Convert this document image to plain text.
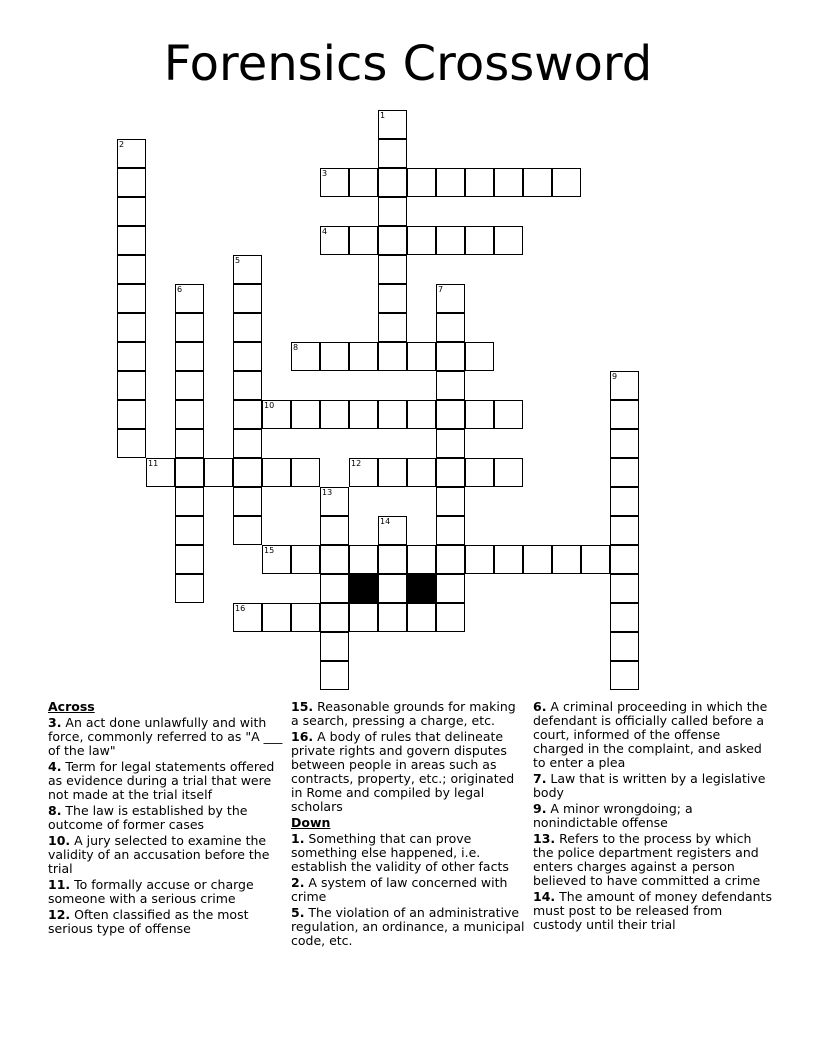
Forensics Crossword
1
2
3
4
5
6	7
8
9
10
11	12
13
14
15
16
Across
3. An act done unlawfully and with force, commonly referred to as "A ___ of the law"
4. Term for legal statements offered as evidence during a trial that were not made at the trial itself
8. The law is established by the outcome of former cases
10. A jury selected to examine the validity of an accusation before the trial
11. To formally accuse or charge someone with a serious crime
12. Often classified as the most serious type of offense
15. Reasonable grounds for making a search, pressing a charge, etc.
16. A body of rules that delineate private rights and govern disputes between people in areas such as contracts, property, etc.; originated in Rome and compiled by legal scholars
Down
1. Something that can prove something else happened, i.e. establish the validity of other facts
2. A system of law concerned with crime
5. The violation of an administrative regulation, an ordinance, a municipal code, etc.
6. A criminal proceeding in which the defendant is officially called before a court, informed of the offense charged in the complaint, and asked to enter a plea
7. Law that is written by a legislative body
9. A minor wrongdoing; a nonindictable offense
13. Refers to the process by which the police department registers and enters charges against a person believed to have committed a crime
14. The amount of money defendants must post to be released from custody until their trial
